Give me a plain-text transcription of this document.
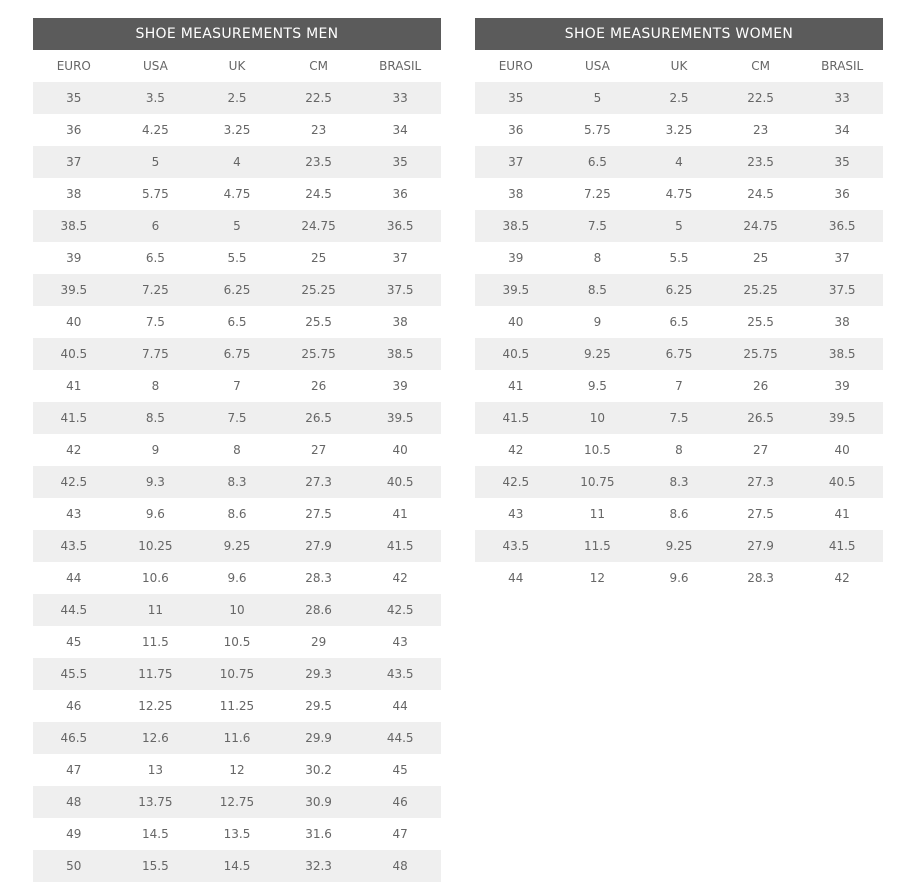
SHOE MEASUREMENTS MEN				
EURO	USA	UK	CM	BRASIL
35	3.5	2.5	22.5	33
36	4.25	3.25	23	34
37	5	4	23.5	35
38	5.75	4.75	24.5	36
38.5	6	5	24.75	36.5
39	6.5	5.5	25	37
39.5	7.25	6.25	25.25	37.5
40	7.5	6.5	25.5	38
40.5	7.75	6.75	25.75	38.5
41	8	7	26	39
41.5	8.5	7.5	26.5	39.5
42	9	8	27	40
42.5	9.3	8.3	27.3	40.5
43	9.6	8.6	27.5	41
43.5	10.25	9.25	27.9	41.5
44	10.6	9.6	28.3	42
44.5	11	10	28.6	42.5
45	11.5	10.5	29	43
45.5	11.75	10.75	29.3	43.5
46	12.25	11.25	29.5	44
46.5	12.6	11.6	29.9	44.5
47	13	12	30.2	45
48	13.75	12.75	30.9	46
49	14.5	13.5	31.6	47
50	15.5	14.5	32.3	48
SHOE MEASUREMENTS WOMEN				
EURO	USA	UK	CM	BRASIL
35	5	2.5	22.5	33
36	5.75	3.25	23	34
37	6.5	4	23.5	35
38	7.25	4.75	24.5	36
38.5	7.5	5	24.75	36.5
39	8	5.5	25	37
39.5	8.5	6.25	25.25	37.5
40	9	6.5	25.5	38
40.5	9.25	6.75	25.75	38.5
41	9.5	7	26	39
41.5	10	7.5	26.5	39.5
42	10.5	8	27	40
42.5	10.75	8.3	27.3	40.5
43	11	8.6	27.5	41
43.5	11.5	9.25	27.9	41.5
44	12	9.6	28.3	42
